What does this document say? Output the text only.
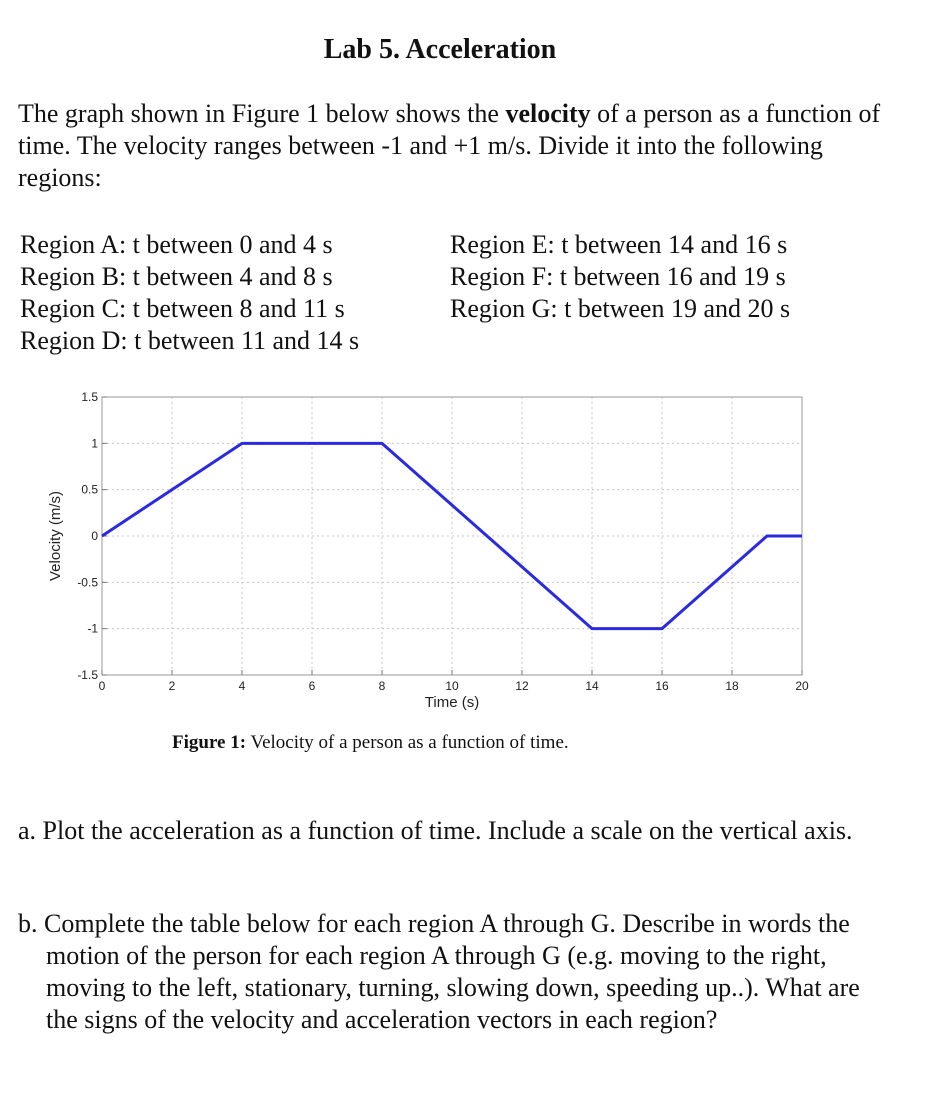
Lab 5. Acceleration
The graph shown in Figure 1 below shows the velocity of a person as a function of time. The velocity ranges between -1 and +1 m/s. Divide it into the following regions:
Region A: t between 0 and 4 s
Region B: t between 4 and 8 s
Region C: t between 8 and 11 s
Region D: t between 11 and 14 s
Region E: t between 14 and 16 s
Region F: t between 16 and 19 s
Region G: t between 19 and 20 s
0	2	4	6	8	10	12	14	16	18	20
-1.5
-1
-0.5
0
0.5
1
1.5
Time (s)
Velocity (m/s)
Figure 1: Velocity of a person as a function of time.
a. Plot the acceleration as a function of time. Include a scale on the vertical axis.
b. Complete the table below for each region A through G. Describe in words the motion of the person for each region A through G (e.g. moving to the right, moving to the left, stationary, turning, slowing down, speeding up..). What are the signs of the velocity and acceleration vectors in each region?
